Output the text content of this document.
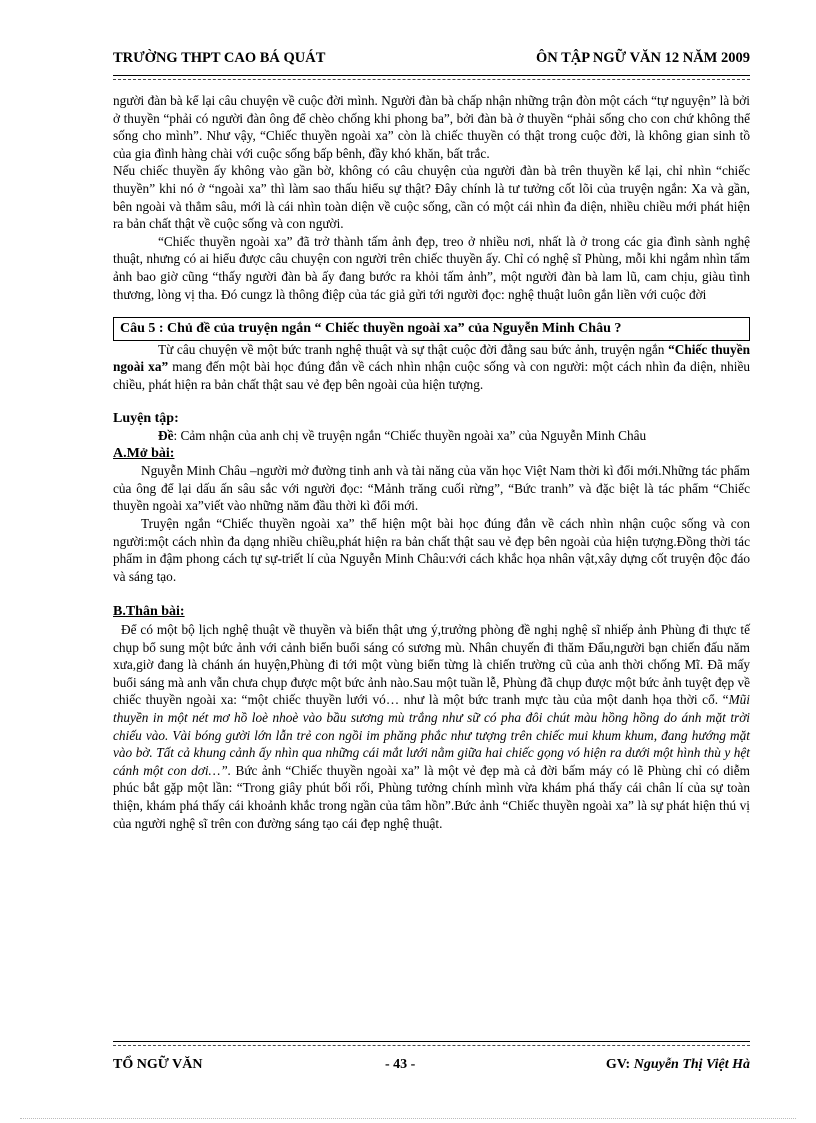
TRƯỜNG THPT CAO BÁ QUÁT	ÔN TẬP NGỮ VĂN 12 NĂM 2009

người đàn bà kể lại câu chuyện về cuộc đời mình. Người đàn bà chấp nhận những trận đòn một cách “tự nguyện” là bởi ở thuyền “phải có người đàn ông để chèo chống khi phong ba”, bởi đàn bà ở thuyền “phải sống cho con chứ không thể sống cho mình”. Như vậy, “Chiếc thuyền ngoài xa” còn là chiếc thuyền có thật trong cuộc đời, là không gian sinh tồ của gia đình hàng chài với cuộc sống bấp bênh, đầy khó khăn, bất trắc.

Nếu chiếc thuyền ấy không vào gần bờ, không có câu chuyện của người đàn bà trên thuyền kể lại, chỉ nhìn “chiếc thuyền” khi nó ở “ngoài xa” thì làm sao thấu hiểu sự thật? Đây chính là tư tưởng cốt lõi của truyện ngắn: Xa và gần, bên ngoài và thẳm sâu, mới là cái nhìn toàn diện về cuộc sống, cần có một cái nhìn đa diện, nhiều chiều mới phát hiện ra bản chất thật về cuộc sống và con người.

“Chiếc thuyền ngoài xa” đã trở thành tấm ảnh đẹp, treo ở nhiều nơi, nhất là ở trong các gia đình sành nghệ thuật, nhưng có ai hiểu được câu chuyện con người trên chiếc thuyền ấy. Chỉ có nghệ sĩ Phùng, mỗi khi ngắm nhìn tấm ảnh bao giờ cũng “thấy người đàn bà ấy đang bước ra khỏi tấm ảnh”, một người đàn bà lam lũ, cam chịu, giàu tình thương, lòng vị tha. Đó cungz là thông điệp của tác giả gửi tới người đọc: nghệ thuật luôn gắn liền với cuộc đời

Câu 5 : Chủ đề của truyện ngắn “ Chiếc thuyền ngoài xa” của Nguyễn Minh Châu ?

Từ câu chuyện về một bức tranh nghệ thuật và sự thật cuộc đời đằng sau bức ảnh, truyện ngắn “Chiếc thuyền ngoài xa” mang đến một bài học đúng đắn về cách nhìn nhận cuộc sống và con người: một cách nhìn đa diện, nhiều chiều, phát hiện ra bản chất thật sau vẻ đẹp bên ngoài của hiện tượng.

Luyện tập:

Đề: Cảm nhận của anh chị về truyện ngắn “Chiếc thuyền ngoài xa” của Nguyễn Minh Châu

A.Mở bài:

Nguyễn Minh Châu –người mở đường tinh anh và tài năng của văn học Việt Nam thời kì đổi mới.Những tác phẩm của ông để lại dấu ấn sâu sắc với người đọc: “Mảnh trăng cuối rừng”, “Bức tranh” và đặc biệt là tác phẩm “Chiếc thuyền ngoài xa”viết vào những năm đầu thời kì đổi mới.

Truyện ngắn “Chiếc thuyền ngoài xa” thể hiện một bài học đúng đắn về cách nhìn nhận cuộc sống và con người:một cách nhìn đa dạng nhiều chiều,phát hiện ra bản chất thật sau vẻ đẹp bên ngoài của hiện tượng.Đồng thời tác phẩm in đậm phong cách tự sự-triết lí của Nguyễn Minh Châu:với cách khắc họa nhân vật,xây dựng cốt truyện độc đáo và sáng tạo.

B.Thân bài:

Để có một bộ lịch nghệ thuật về thuyền và biển thật ưng ý,trưởng phòng đề nghị nghệ sĩ nhiếp ảnh Phùng đi thực tế chụp bổ sung một bức ảnh với cảnh biển buổi sáng có sương mù. Nhân chuyến đi thăm Đẩu,người bạn chiến đấu năm xưa,giờ đang là chánh án huyện,Phùng đi tới một vùng biển từng là chiến trường cũ của anh thời chống Mĩ. Đã mấy buổi sáng mà anh vẫn chưa chụp được một bức ảnh nào.Sau một tuần lễ, Phùng đã chụp được một bức ảnh tuyệt đẹp về chiếc thuyền ngoài xa: “một chiếc thuyền lưới vó… như là một bức tranh mực tàu của một danh họa thời cổ. “Mũi thuyền in một nét mơ hồ loè nhoè vào bầu sương mù trắng như sữ có pha đôi chút màu hồng hồng do ánh mặt trời chiếu vào. Vài bóng gười lớn lẫn trẻ con ngồi im phăng phắc như tượng trên chiếc mui khum khum, đang hướng mặt vào bờ. Tất cả khung cảnh ấy nhìn qua những cái mắt lưới nằm giữa hai chiếc gọng vó hiện ra dưới một hình thù y hệt cánh một con dơi…”. Bức ảnh “Chiếc thuyền ngoài xa” là một vẻ đẹp mà cả đời bấm máy có lẽ Phùng chỉ có diễm phúc bắt gặp một lần: “Trong giây phút bối rối, Phùng tưởng chính mình vừa khám phá thấy cái chân lí của sự toàn thiện, khám phá thấy cái khoảnh khắc trong ngần của tâm hồn”.Bức ảnh “Chiếc thuyền ngoài xa” là sự phát hiện thú vị của người nghệ sĩ trên con đường sáng tạo cái đẹp nghệ thuật.

TỔ NGỮ VĂN	- 43 -	GV: Nguyễn Thị Việt Hà
